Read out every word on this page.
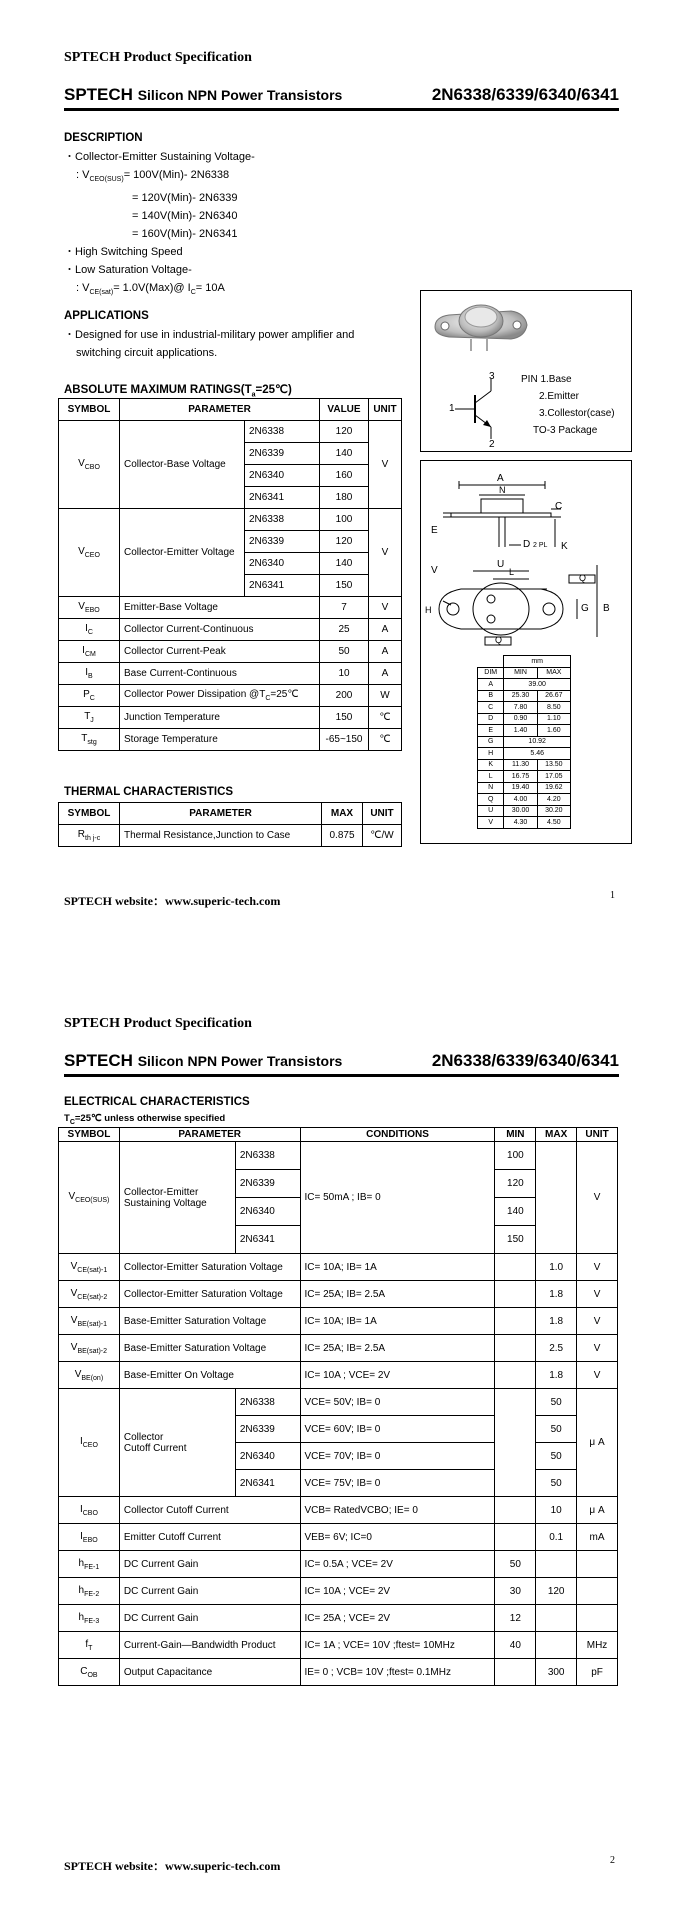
SPTECH Product Specification
SPTECH Silicon NPN Power Transistors	2N6338/6339/6340/6341
DESCRIPTION
・Collector-Emitter Sustaining Voltage-
: $V_{CEO(SUS)}= 100V(Min)-$ 2N6338
= 120V(Min)- 2N6339
= 140V(Min)- 2N6340
= 160V(Min)- 2N6341
・High Switching Speed
・Low Saturation Voltage-
: $V_{CE(sat)}=$ 1.0V(Max)@ $I_C= 10A$
APPLICATIONS
・Designed for use in industrial-military power amplifier and
switching circuit applications.
ABSOLUTE MAXIMUM $RATINGS(T_a=25℃)$
SYMBOL	PARAMETER		VALUE	UNIT
$V_{CBO}$	Collector-Base Voltage	2N6338	120	V
		2N6339	140	
		2N6340	160	
		2N6341	180	
$V_{CEO}$	Collector-Emitter Voltage	2N6338	100	V
		2N6339	120	
		2N6340	140	
		2N6341	150	
$V_{EBO}$	Emitter-Base Voltage		7	V
$I_C$	Collector Current-Continuous		25	A
$I_{CM}$	Collector Current-Peak		50	A
$I_B$	Base Current-Continuous		10	A
$P_C$	Collector Power Dissipation $@T_C=25℃$		200	W
$T_J$	Junction Temperature		150	℃
$T_{stg}$	Storage Temperature		-65~150	℃
THERMAL CHARACTERISTICS
SYMBOL	PARAMETER	MAX	UNIT
$R_{th j-c}$	Thermal Resistance,Junction to Case	0.875	℃/W
1
3
2
PIN 1.Base
2.Emitter
3.Collestor(case)
TO-3 Package
A
N
C
E
D 2 PL K
V
U
L
Q
G B
H
Q
	mm	
DIM	MIN	MAX
A	39.00	
B	25.30	26.67
C	7.80	8.50
D	0.90	1.10
E	1.40	1.60
G	10.92	
H	5.46	
K	11.30	13.50
L	16.75	17.05
N	19.40	19.62
Q	4.00	4.20
U	30.00	30.20
V	4.30	4.50
SPTECH website：www.superic-tech.com	1
SPTECH Product Specification
SPTECH Silicon NPN Power Transistors	2N6338/6339/6340/6341
ELECTRICAL CHARACTERISTICS
$T_C=25℃$ unless otherwise specified
SYMBOL	PARAMETER		CONDITIONS	MIN	MAX	UNIT
$V_{CEO(SUS)}$	Collector-Emitter
Sustaining Voltage	2N6338	IC= 50mA ; IB= 0	100		V
		2N6339		120		
		2N6340		140		
		2N6341		150		
$V_{CE(sat)-1}$	Collector-Emitter Saturation Voltage		IC= 10A; IB= 1A		1.0	V
$V_{CE(sat)-2}$	Collector-Emitter Saturation Voltage		IC= 25A; IB= 2.5A		1.8	V
$V_{BE(sat)-1}$	Base-Emitter Saturation Voltage		IC= 10A; IB= 1A		1.8	V
$V_{BE(sat)-2}$	Base-Emitter Saturation Voltage		IC= 25A; IB= 2.5A		2.5	V
$V_{BE(on)}$	Base-Emitter On Voltage		IC= 10A ; VCE= 2V		1.8	V
$I_{CEO}$	Collector
Cutoff Current	2N6338	VCE= 50V; IB= 0		50	μ A
		2N6339	VCE= 60V; IB= 0		50	
		2N6340	VCE= 70V; IB= 0		50	
		2N6341	VCE= 75V; IB= 0		50	
$I_{CBO}$	Collector Cutoff Current		VCB= RatedVCBO; IE= 0		10	μ A
$I_{EBO}$	Emitter Cutoff Current		VEB= 6V; IC=0		0.1	mA
$h_{FE-1}$	DC Current Gain		IC= 0.5A ; VCE= 2V	50		
$h_{FE-2}$	DC Current Gain		IC= 10A ; VCE= 2V	30	120	
$h_{FE-3}$	DC Current Gain		IC= 25A ; VCE= 2V	12		
$f_T$	Current-Gain—Bandwidth Product		IC= 1A ; VCE= 10V ;ftest= 10MHz	40		MHz
$C_{OB}$	Output Capacitance		IE= 0 ; VCB= 10V ;ftest= 0.1MHz		300	pF
SPTECH website：www.superic-tech.com	2
